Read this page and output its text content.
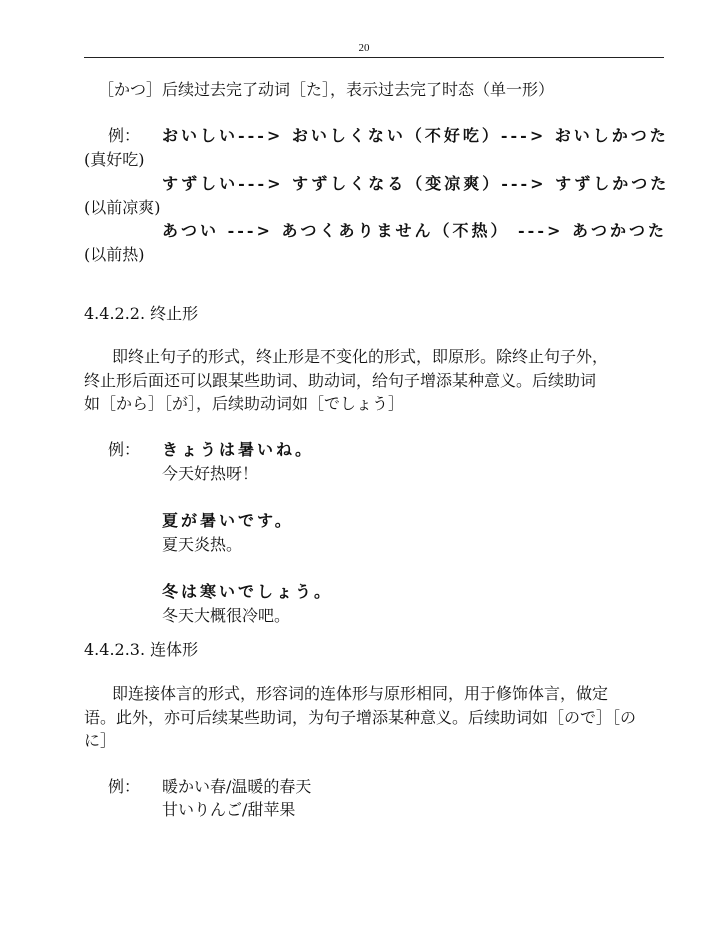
20
［かつ］后续过去完了动词［た］，表示过去完了时态（单一形）
例： おいしい---> おいしくない（不好吃）---> おいしかつた
(真好吃)
すずしい---> すずしくなる（变凉爽）---> すずしかつた
(以前凉爽)
あつい ---> あつくありません（不热） ---> あつかつた
(以前热)
4.4.2.2. 终止形
即终止句子的形式，终止形是不变化的形式，即原形。除终止句子外，
终止形后面还可以跟某些助词、助动词，给句子增添某种意义。后续助词
如［から］［が］，后续助动词如［でしょう］
例： きょうは暑いね。
今天好热呀！
夏が暑いです。
夏天炎热。
冬は寒いでしょう。
冬天大概很冷吧。
4.4.2.3. 连体形
即连接体言的形式，形容词的连体形与原形相同，用于修饰体言，做定
语。此外，亦可后续某些助词，为句子增添某种意义。后续助词如［ので］［の
に］
例： 暖かい春/温暖的春天
甘いりんご/甜苹果
